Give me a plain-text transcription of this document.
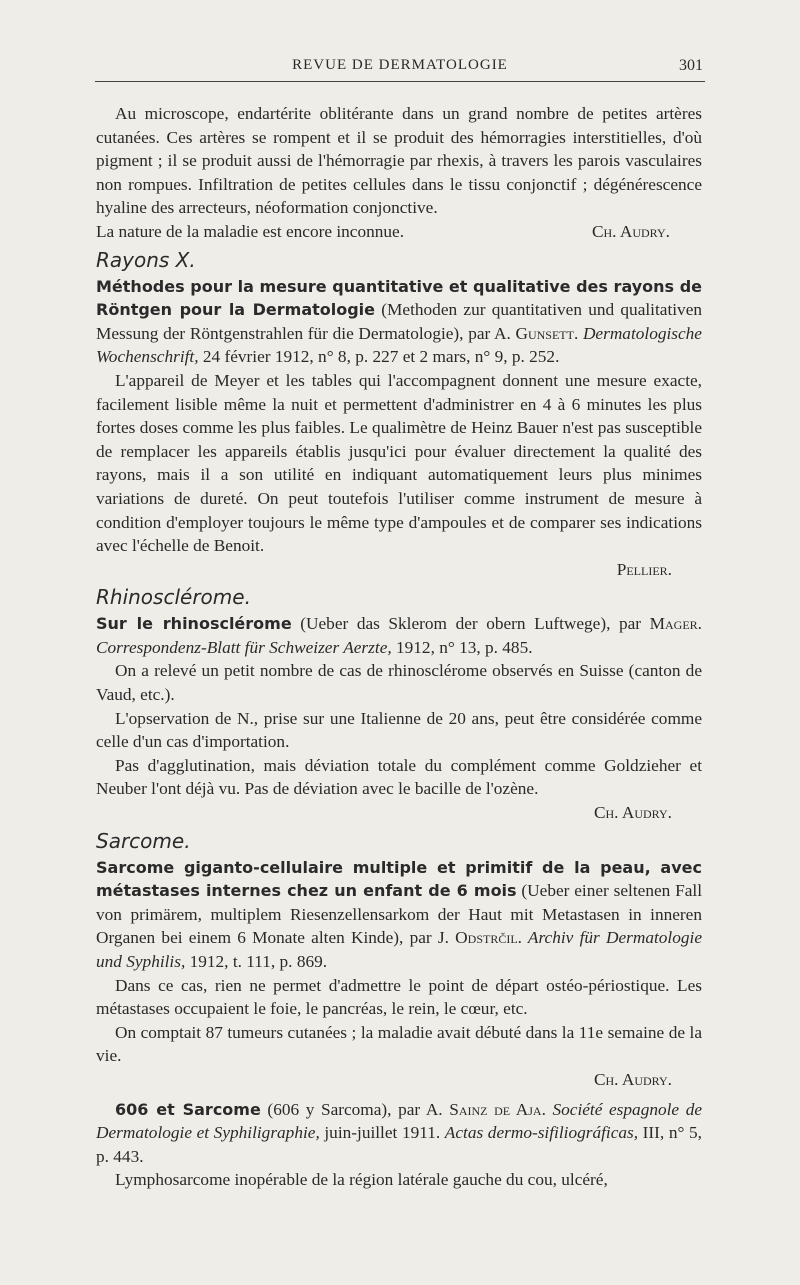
REVUE DE DERMATOLOGIE	301

Au microscope, endartérite oblitérante dans un grand nombre de petites artères cutanées. Ces artères se rompent et il se produit des hémorragies interstitielles, d'où pigment ; il se produit aussi de l'hémorragie par rhexis, à travers les parois vasculaires non rompues. Infiltration de petites cellules dans le tissu conjonctif ; dégénérescence hyaline des arrecteurs, néoformation conjonctive.

La nature de la maladie est encore inconnue.	Ch. Audry.

Rayons X.

Méthodes pour la mesure quantitative et qualitative des rayons de Röntgen pour la Dermatologie (Methoden zur quantitativen und qualitativen Messung der Röntgenstrahlen für die Dermatologie), par A. Gunsett. Dermatologische Wochenschrift, 24 février 1912, n° 8, p. 227 et 2 mars, n° 9, p. 252.

L'appareil de Meyer et les tables qui l'accompagnent donnent une mesure exacte, facilement lisible même la nuit et permettent d'administrer en 4 à 6 minutes les plus fortes doses comme les plus faibles. Le qualimètre de Heinz Bauer n'est pas susceptible de remplacer les appareils établis jusqu'ici pour évaluer directement la qualité des rayons, mais il a son utilité en indiquant automatiquement leurs plus minimes variations de dureté. On peut toutefois l'utiliser comme instrument de mesure à condition d'employer toujours le même type d'ampoules et de comparer ses indications avec l'échelle de Benoit.

Pellier.
Rhinosclérome.

Sur le rhinosclérome (Ueber das Sklerom der obern Luftwege), par Mager. Correspondenz-Blatt für Schweizer Aerzte, 1912, n° 13, p. 485.

On a relevé un petit nombre de cas de rhinosclérome observés en Suisse (canton de Vaud, etc.).

L'opservation de N., prise sur une Italienne de 20 ans, peut être considérée comme celle d'un cas d'importation.

Pas d'agglutination, mais déviation totale du complément comme Goldzieher et Neuber l'ont déjà vu. Pas de déviation avec le bacille de l'ozène.

Ch. Audry.
Sarcome.

Sarcome giganto-cellulaire multiple et primitif de la peau, avec métastases internes chez un enfant de 6 mois (Ueber einer seltenen Fall von primärem, multiplem Riesenzellensarkom der Haut mit Metastasen in inneren Organen bei einem 6 Monate alten Kinde), par J. Odstrčil. Archiv für Dermatologie und Syphilis, 1912, t. 111, p. 869.

Dans ce cas, rien ne permet d'admettre le point de départ ostéo-périostique. Les métastases occupaient le foie, le pancréas, le rein, le cœur, etc.

On comptait 87 tumeurs cutanées ; la maladie avait débuté dans la 11e semaine de la vie.

Ch. Audry.

606 et Sarcome (606 y Sarcoma), par A. Sainz de Aja. Société espagnole de Dermatologie et Syphiligraphie, juin-juillet 1911. Actas dermo-sifiliográficas, III, n° 5, p. 443.

Lymphosarcome inopérable de la région latérale gauche du cou, ulcéré,
